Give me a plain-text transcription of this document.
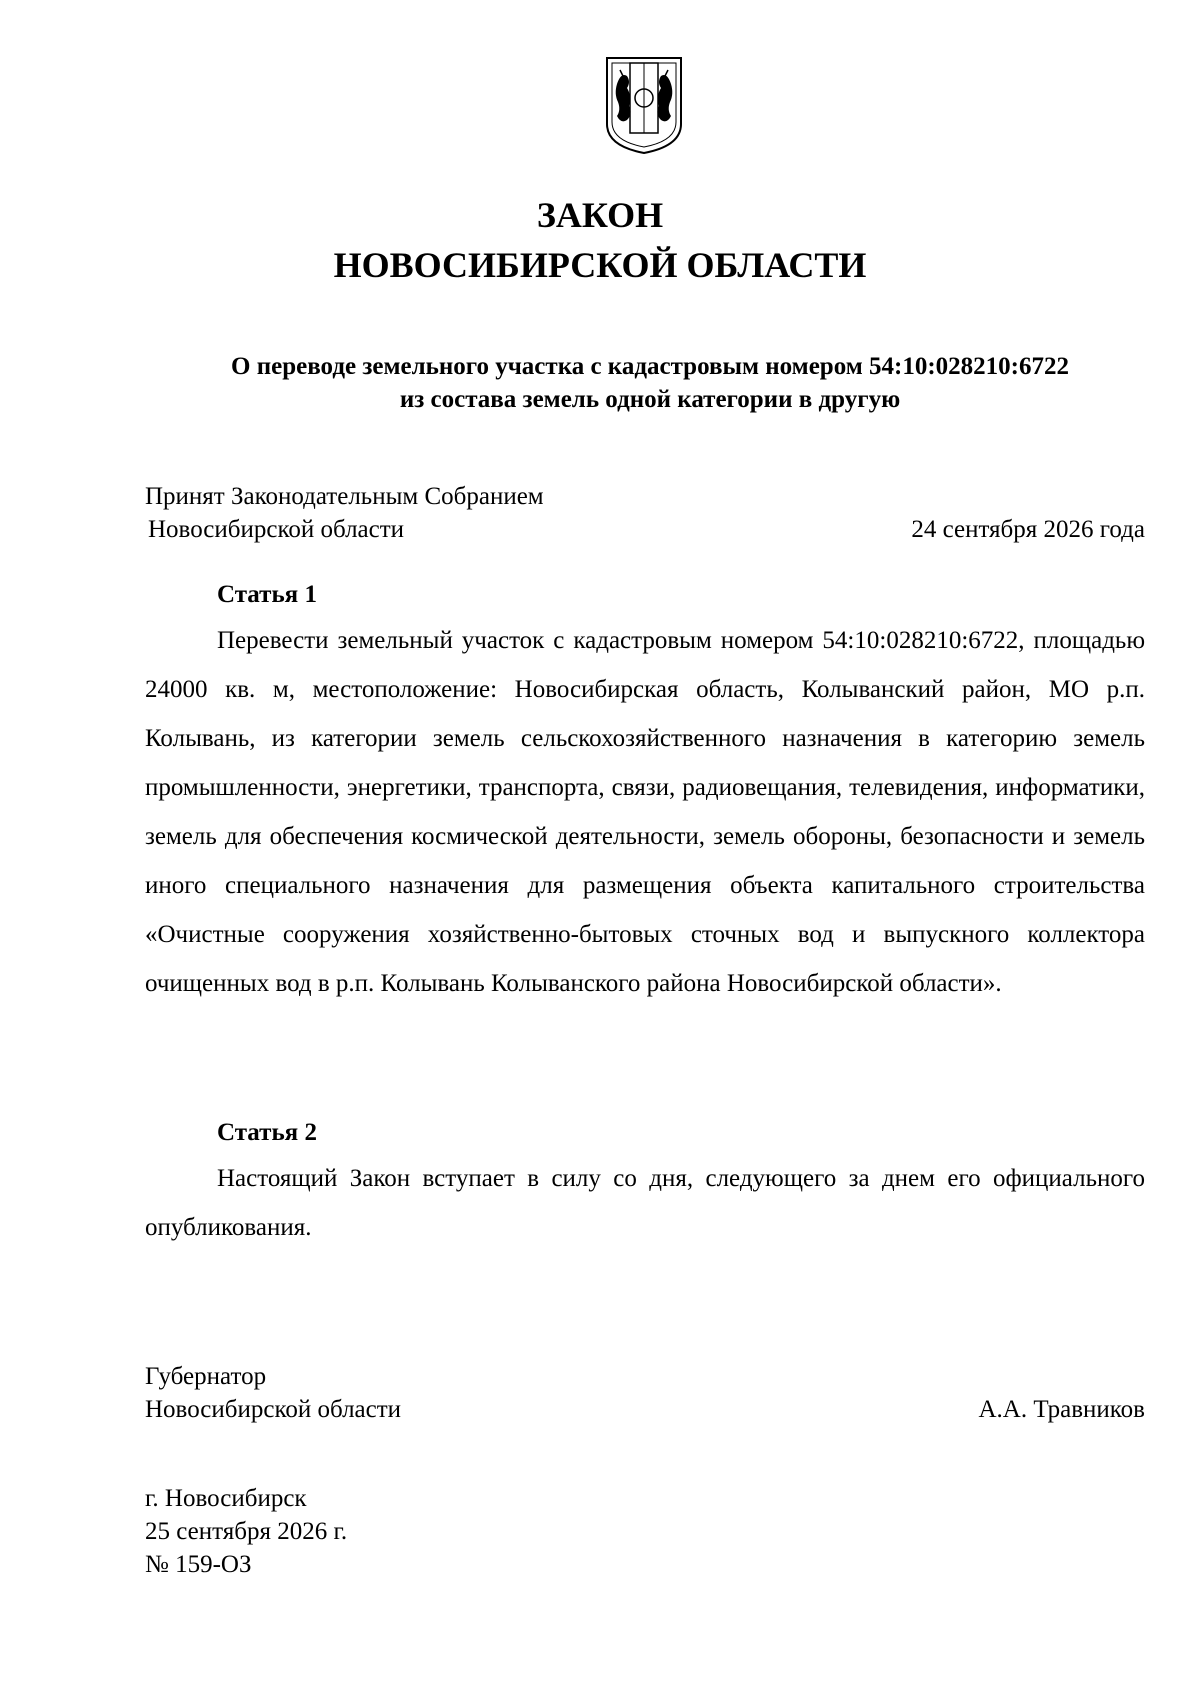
ЗАКОН
НОВОСИБИРСКОЙ ОБЛАСТИ
О переводе земельного участка с кадастровым номером 54:10:028210:6722
из состава земель одной категории в другую
Принят Законодательным Собранием
Новосибирской области	24 сентября 2026 года
Статья 1
Перевести земельный участок с кадастровым номером 54:10:028210:6722, площадью 24000 кв. м, местоположение: Новосибирская область, Колыванский район, МО р.п. Колывань, из категории земель сельскохозяйственного назначения в категорию земель промышленности, энергетики, транспорта, связи, радиовещания, телевидения, информатики, земель для обеспечения космической деятельности, земель обороны, безопасности и земель иного специального назначения для размещения объекта капитального строительства «Очистные сооружения хозяйственно-бытовых сточных вод и выпускного коллектора очищенных вод в р.п. Колывань Колыванского района Новосибирской области».
Статья 2
Настоящий Закон вступает в силу со дня, следующего за днем его официального опубликования.
Губернатор
Новосибирской области	А.А. Травников
г. Новосибирск
25 сентября 2026 г.
№ 159-ОЗ
